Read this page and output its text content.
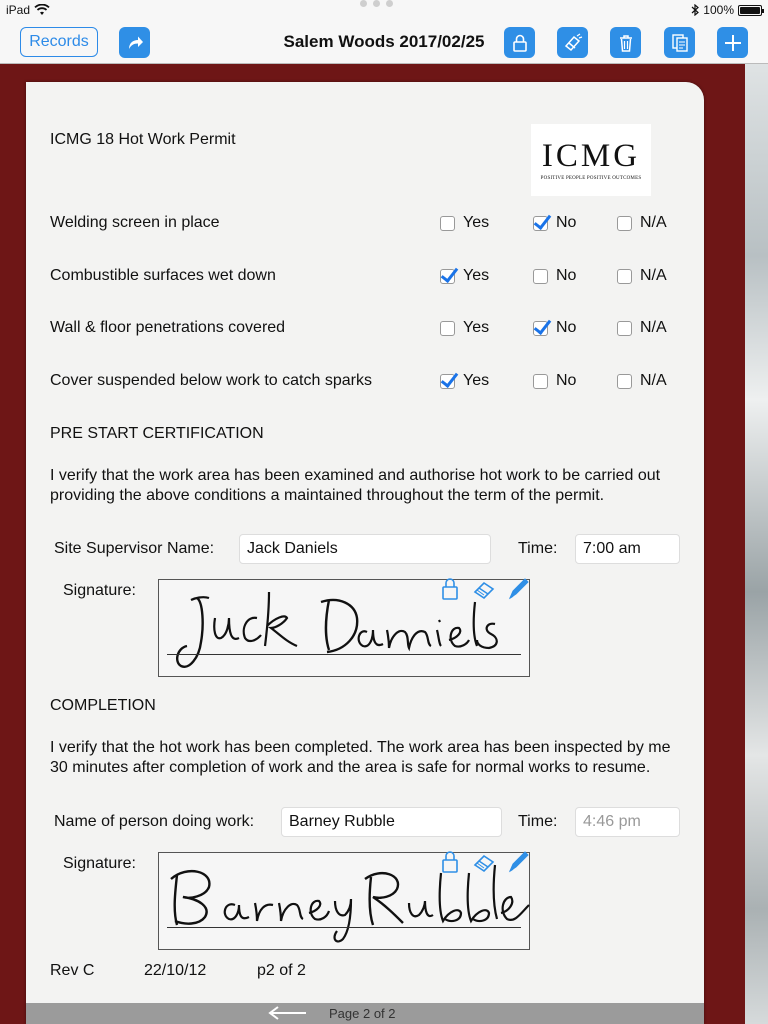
iPad	100%
Records	Salem Woods 2017/02/25
ICMG 18 Hot Work Permit	ICMG
POSITIVE PEOPLE POSITIVE OUTCOMES
Welding screen in place	Yes	No	N/A
Combustible surfaces wet down	Yes	No	N/A
Wall & floor penetrations covered	Yes	No	N/A
Cover suspended below work to catch sparks	Yes	No	N/A
PRE START CERTIFICATION
I verify that the work area has been examined and authorise hot work to be carried out providing the above conditions a maintained throughout the term of the permit.
Site Supervisor Name:	Jack Daniels	Time:	7:00 am
Signature:
COMPLETION
I verify that the hot work has been completed. The work area has been inspected by me 30 minutes after completion of work and the area is safe for normal works to resume.
Name of person doing work:	Barney Rubble	Time:	4:46 pm
Signature:
Rev C	22/10/12	p2 of 2
Page 2 of 2
